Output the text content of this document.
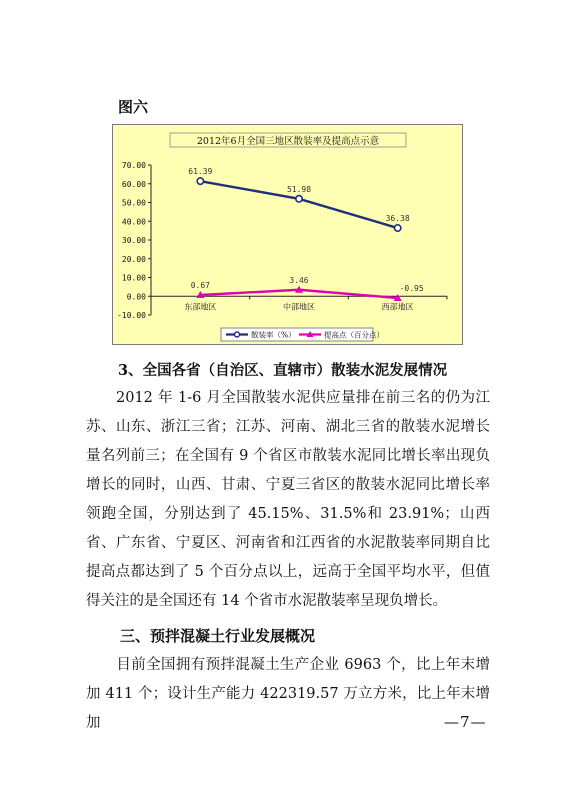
图六
2012年6月全国三地区散装率及提高点示意
70.00
60.00
50.00
40.00
30.00
20.00
10.00
0.00
-10.00
东部地区	中部地区	西部地区
61.39
51.98
36.38
0.67
3.46
-0.95
散装率（%）	提高点（百分点）
3、全国各省（自治区、直辖市）散装水泥发展情况

2012 年 1-6 月全国散装水泥供应量排在前三名的仍为江苏、山东、浙江三省；江苏、河南、湖北三省的散装水泥增长量名列前三；在全国有 9 个省区市散装水泥同比增长率出现负增长的同时，山西、甘肃、宁夏三省区的散装水泥同比增长率领跑全国，分别达到了 45.15%、31.5%和 23.91%；山西省、广东省、宁夏区、河南省和江西省的水泥散装率同期自比提高点都达到了 5 个百分点以上，远高于全国平均水平，但值得关注的是全国还有 14 个省市水泥散装率呈现负增长。

三、预拌混凝土行业发展概况

目前全国拥有预拌混凝土生产企业 6963 个，比上年末增加 411 个；设计生产能力 422319.57 万立方米，比上年末增加	—7—
